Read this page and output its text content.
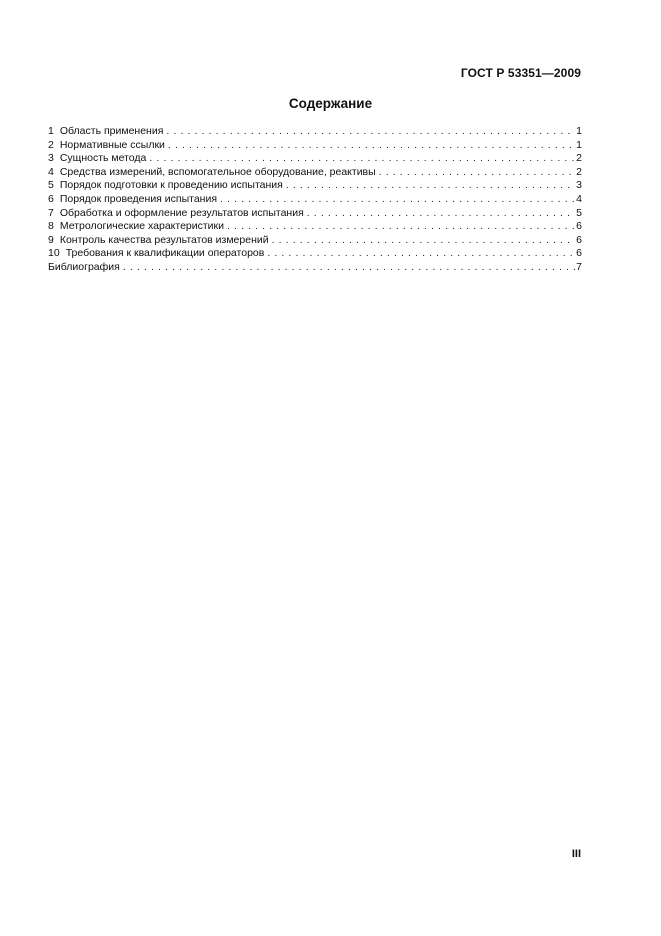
ГОСТ Р 53351—2009
Содержание
1 Область применения . . .	1
2 Нормативные ссылки . . .	1
3 Сущность метода . . .	2
4 Средства измерений, вспомогательное оборудование, реактивы . . .	2
5 Порядок подготовки к проведению испытания . . .	3
6 Порядок проведения испытания . . .	4
7 Обработка и оформление результатов испытания . . .	5
8 Метрологические характеристики . . .	6
9 Контроль качества результатов измерений . . .	6
10 Требования к квалификации операторов . . .	6
Библиография . . .	7
III
